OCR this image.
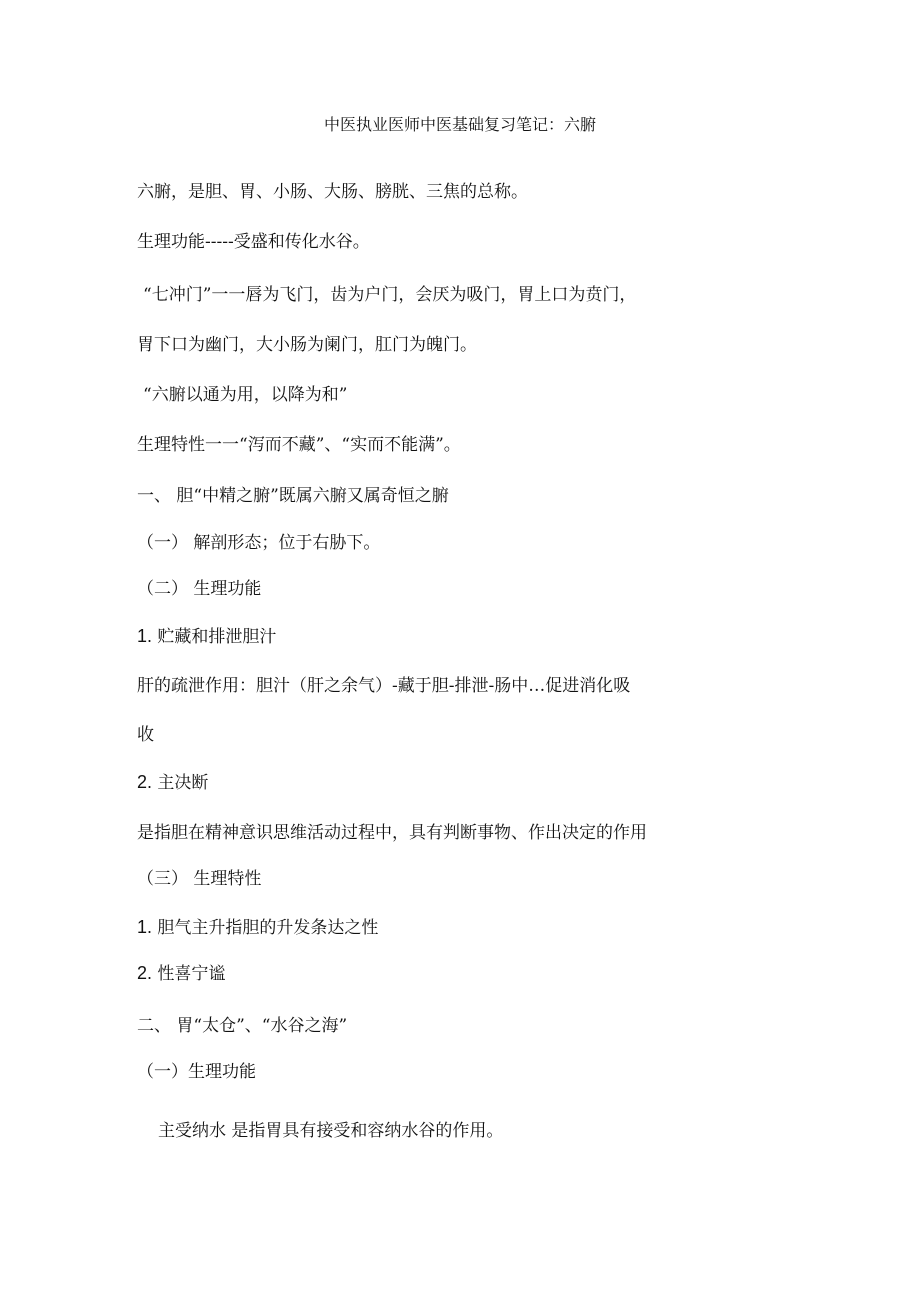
中医执业医师中医基础复习笔记：六腑
六腑，是胆、胃、小肠、大肠、膀胱、三焦的总称。
生理功能-----受盛和传化水谷。
“七冲门”一一唇为飞门，齿为户门，会厌为吸门，胃上口为贲门，
胃下口为幽门，大小肠为阑门，肛门为魄门。
“六腑以通为用，以降为和”
生理特性一一“泻而不藏”、“实而不能满”。
一、 胆“中精之腑”既属六腑又属奇恒之腑
（一） 解剖形态；位于右胁下。
（二） 生理功能
1. 贮藏和排泄胆汁
肝的疏泄作用：胆汁（肝之余气）-藏于胆-排泄-肠中…促进消化吸
收
2. 主决断
是指胆在精神意识思维活动过程中，具有判断事物、作出决定的作用
（三） 生理特性
1. 胆气主升指胆的升发条达之性
2. 性喜宁谧
二、 胃“太仓”、“水谷之海”
（一）生理功能
主受纳水 是指胃具有接受和容纳水谷的作用。
